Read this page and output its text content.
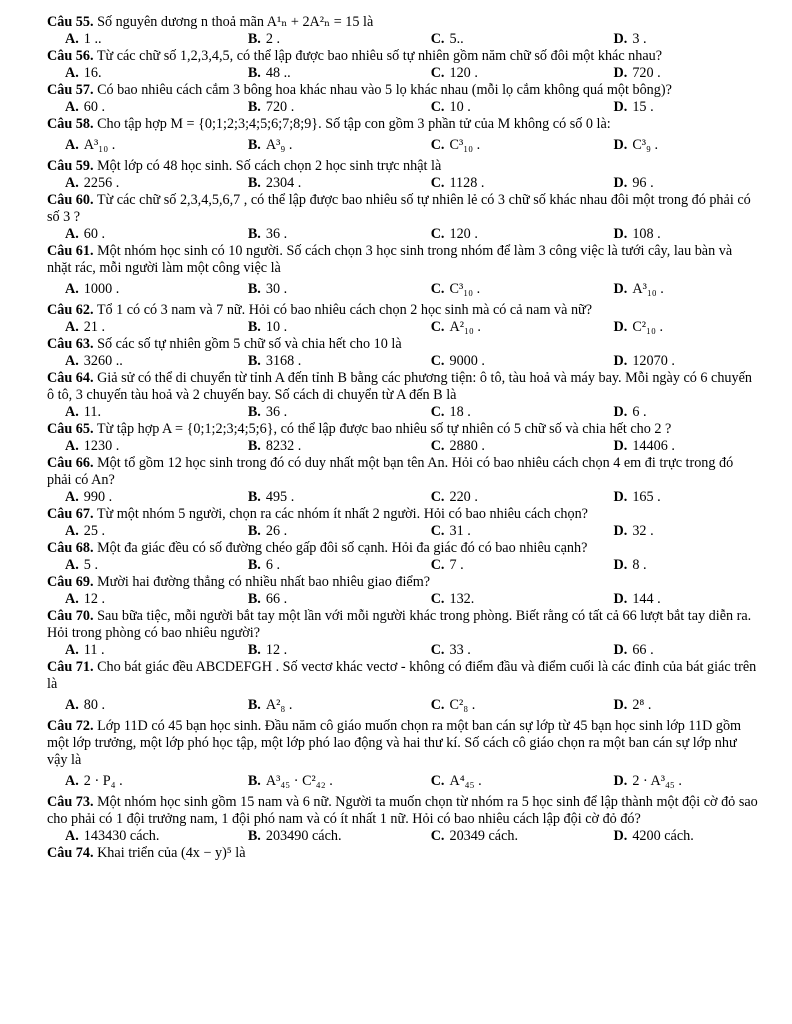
Câu 55. Số nguyên dương n thoả mãn A¹ₙ + 2A²ₙ = 15 là
A. 1 ..	B. 2 .	C. 5..	D. 3 .
Câu 56. Từ các chữ số 1,2,3,4,5, có thể lập được bao nhiêu số tự nhiên gồm năm chữ số đôi một khác nhau?
A. 16.	B. 48 ..	C. 120 .	D. 720 .
Câu 57. Có bao nhiêu cách cắm 3 bông hoa khác nhau vào 5 lọ khác nhau (mỗi lọ cắm không quá một bông)?
A. 60 .	B. 720 .	C. 10 .	D. 15 .
Câu 58. Cho tập hợp M = {0;1;2;3;4;5;6;7;8;9}. Số tập con gồm 3 phần tử của M không có số 0 là:
A. A³₁₀ .	B. A³₉ .	C. C³₁₀ .	D. C³₉ .
Câu 59. Một lớp có 48 học sinh. Số cách chọn 2 học sinh trực nhật là
A. 2256 .	B. 2304 .	C. 1128 .	D. 96 .
Câu 60. Từ các chữ số 2,3,4,5,6,7 , có thể lập được bao nhiêu số tự nhiên lẻ có 3 chữ số khác nhau đôi một trong đó phải có số 3 ?
A. 60 .	B. 36 .	C. 120 .	D. 108 .
Câu 61. Một nhóm học sinh có 10 người. Số cách chọn 3 học sinh trong nhóm để làm 3 công việc là tưới cây, lau bàn và nhặt rác, mỗi người làm một công việc là
A. 1000 .	B. 30 .	C. C³₁₀ .	D. A³₁₀ .
Câu 62. Tổ 1 có có 3 nam và 7 nữ. Hỏi có bao nhiêu cách chọn 2 học sinh mà có cả nam và nữ?
A. 21 .	B. 10 .	C. A²₁₀ .	D. C²₁₀ .
Câu 63. Số các số tự nhiên gồm 5 chữ số và chia hết cho 10 là
A. 3260 ..	B. 3168 .	C. 9000 .	D. 12070 .
Câu 64. Giả sử có thể di chuyển từ tỉnh A đến tỉnh B bằng các phương tiện: ô tô, tàu hoả và máy bay. Mỗi ngày có 6 chuyến ô tô, 3 chuyến tàu hoả và 2 chuyến bay. Số cách di chuyển từ A đến B là
A. 11.	B. 36 .	C. 18 .	D. 6 .
Câu 65. Từ tập hợp A = {0;1;2;3;4;5;6}, có thể lập được bao nhiêu số tự nhiên có 5 chữ số và chia hết cho 2 ?
A. 1230 .	B. 8232 .	C. 2880 .	D. 14406 .
Câu 66. Một tổ gồm 12 học sinh trong đó có duy nhất một bạn tên An. Hỏi có bao nhiêu cách chọn 4 em đi trực trong đó phải có An?
A. 990 .	B. 495 .	C. 220 .	D. 165 .
Câu 67. Từ một nhóm 5 người, chọn ra các nhóm ít nhất 2 người. Hỏi có bao nhiêu cách chọn?
A. 25 .	B. 26 .	C. 31 .	D. 32 .
Câu 68. Một đa giác đều có số đường chéo gấp đôi số cạnh. Hỏi đa giác đó có bao nhiêu cạnh?
A. 5 .	B. 6 .	C. 7 .	D. 8 .
Câu 69. Mười hai đường thẳng có nhiều nhất bao nhiêu giao điểm?
A. 12 .	B. 66 .	C. 132.	D. 144 .
Câu 70. Sau bữa tiệc, mỗi người bắt tay một lần với mỗi người khác trong phòng. Biết rằng có tất cả 66 lượt bắt tay diễn ra. Hỏi trong phòng có bao nhiêu người?
A. 11 .	B. 12 .	C. 33 .	D. 66 .
Câu 71. Cho bát giác đều ABCDEFGH . Số vectơ khác vectơ - không có điểm đầu và điểm cuối là các đỉnh của bát giác trên là
A. 80 .	B. A²₈ .	C. C²₈ .	D. 2⁸ .
Câu 72. Lớp 11D có 45 bạn học sinh. Đầu năm cô giáo muốn chọn ra một ban cán sự lớp từ 45 bạn học sinh lớp 11D gồm một lớp trưởng, một lớp phó học tập, một lớp phó lao động và hai thư kí. Số cách cô giáo chọn ra một ban cán sự lớp như vậy là
A. 2 · P₄ .	B. A³₄₅ · C²₄₂ .	C. A⁴₄₅ .	D. 2 · A³₄₅ .
Câu 73. Một nhóm học sinh gồm 15 nam và 6 nữ. Người ta muốn chọn từ nhóm ra 5 học sinh để lập thành một đội cờ đỏ sao cho phải có 1 đội trưởng nam, 1 đội phó nam và có ít nhất 1 nữ. Hỏi có bao nhiêu cách lập đội cờ đỏ đó?
A. 143430 cách.	B. 203490 cách.	C. 20349 cách.	D. 4200 cách.
Câu 74. Khai triển của (4x − y)⁵ là
